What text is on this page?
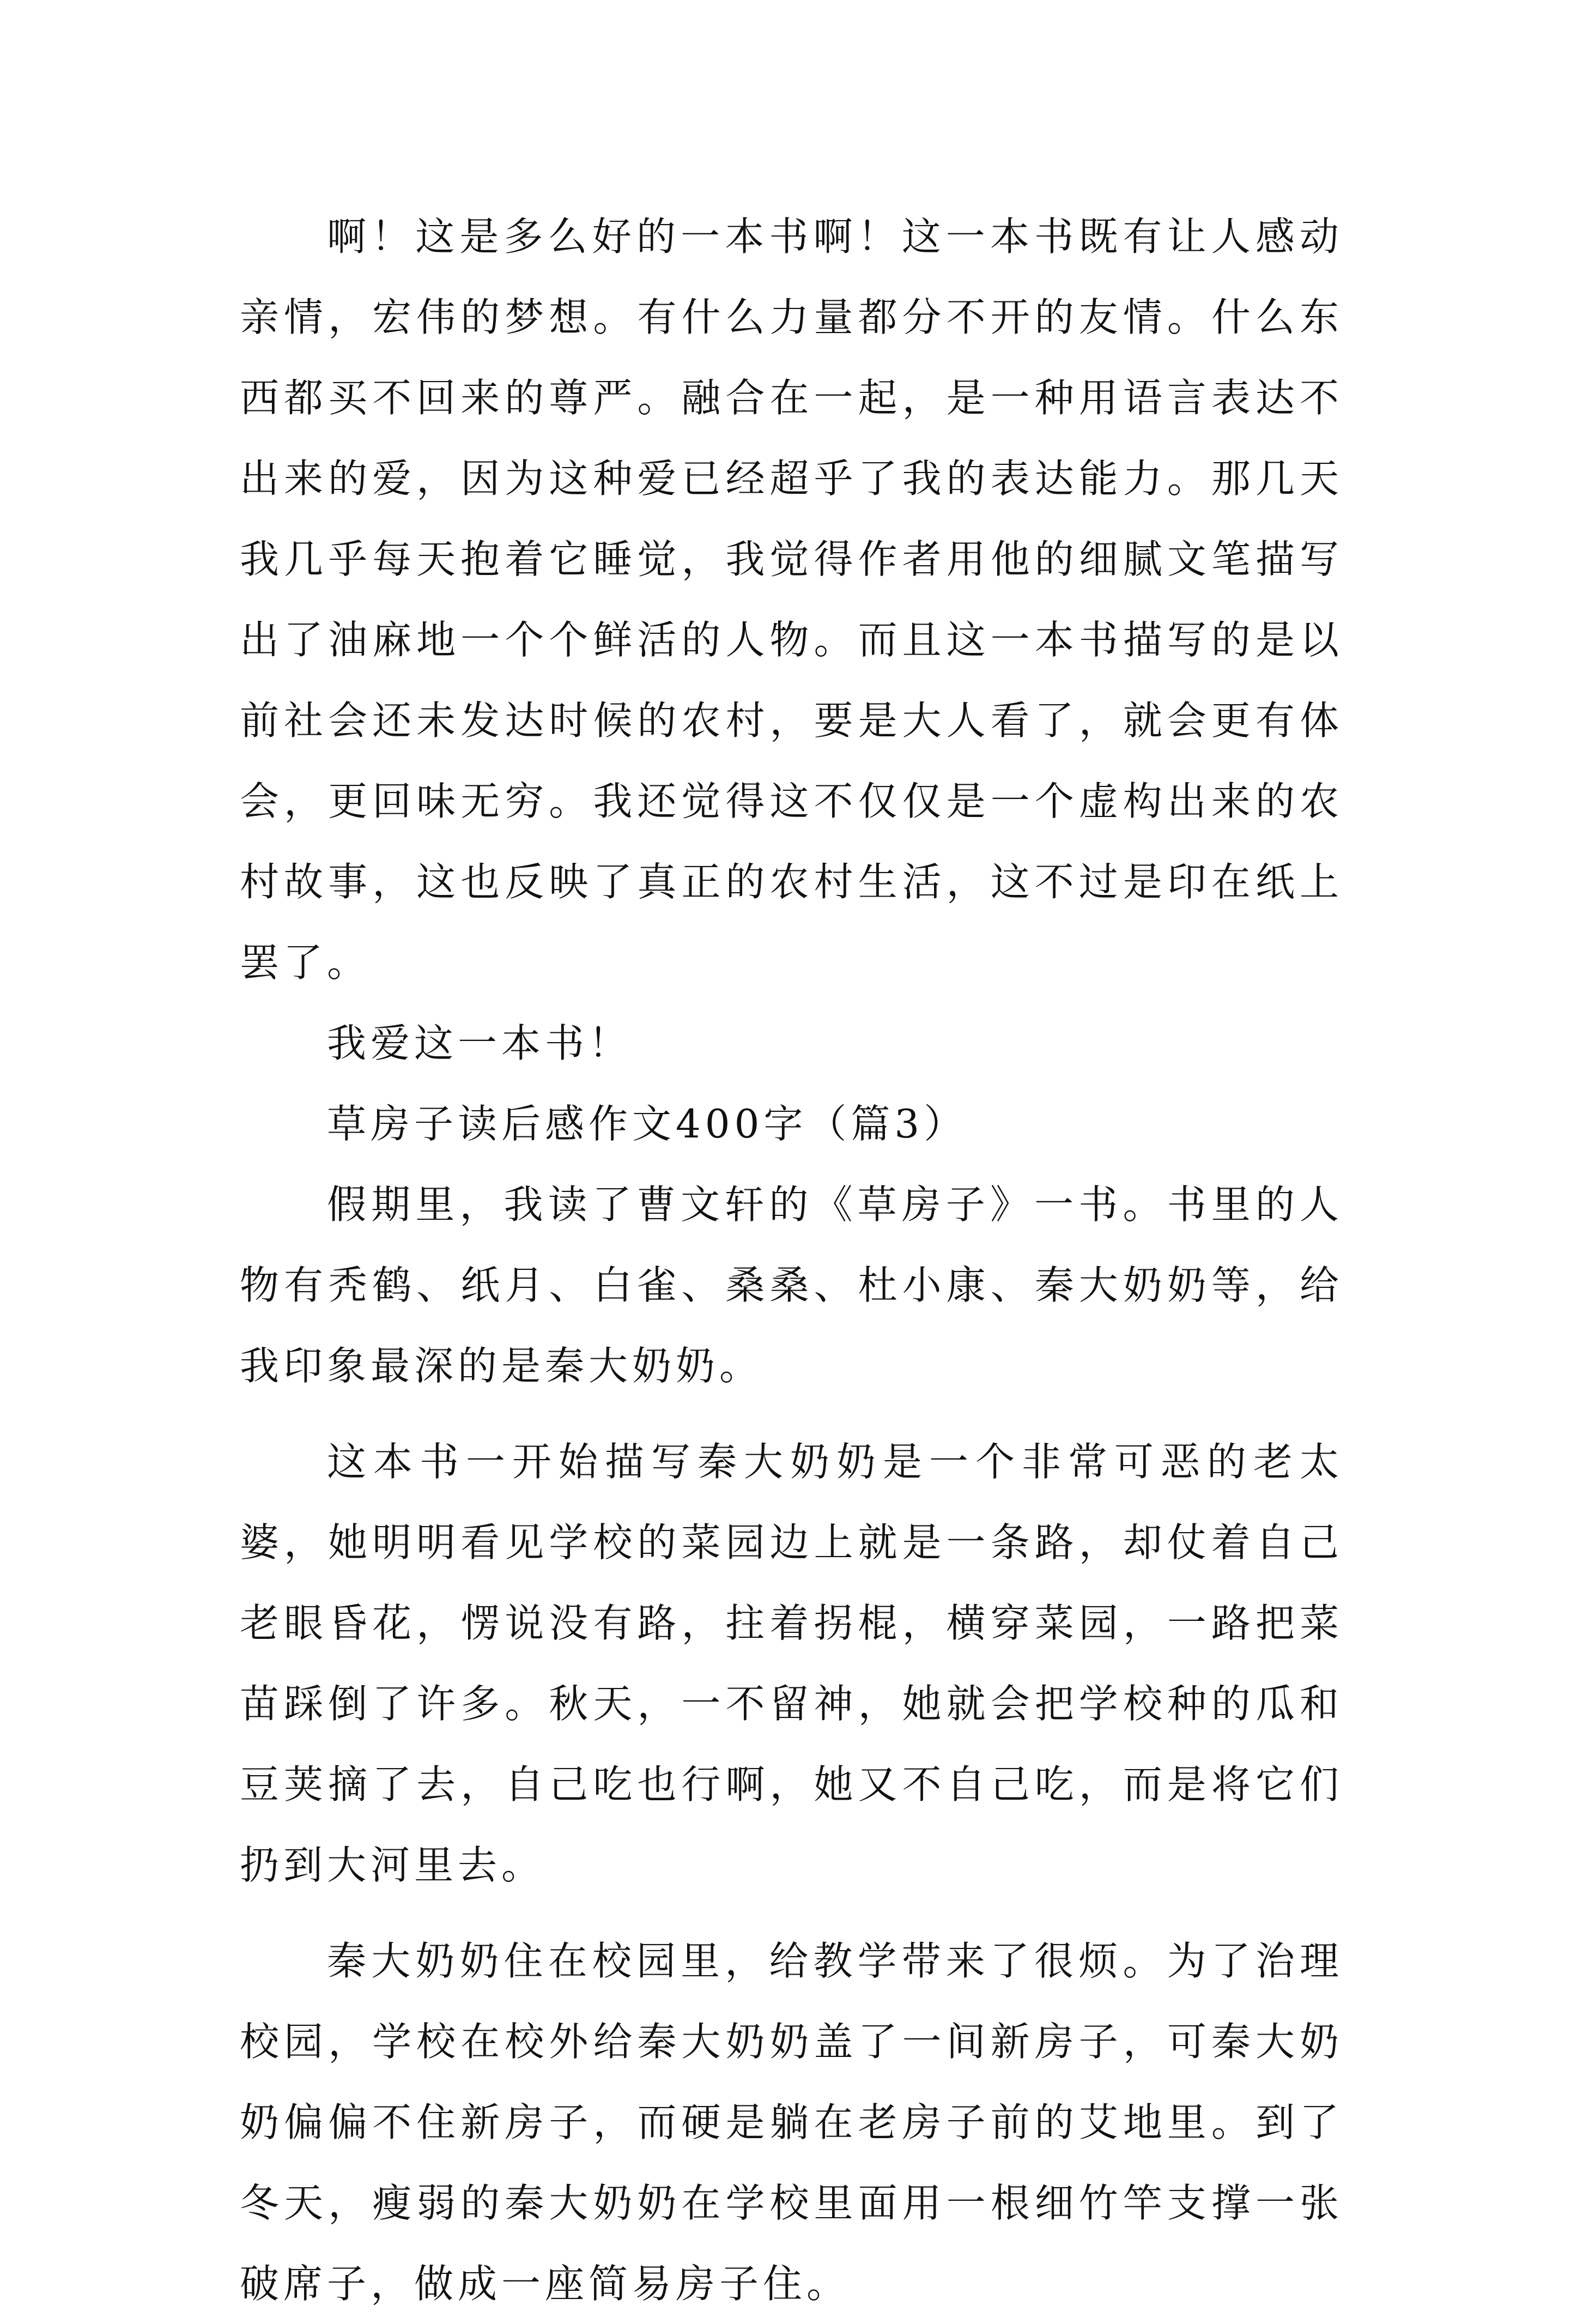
啊！这是多么好的一本书啊！这一本书既有让人感动亲情，宏伟的梦想。有什么力量都分不开的友情。什么东西都买不回来的尊严。融合在一起，是一种用语言表达不出来的爱，因为这种爱已经超乎了我的表达能力。那几天我几乎每天抱着它睡觉，我觉得作者用他的细腻文笔描写出了油麻地一个个鲜活的人物。而且这一本书描写的是以前社会还未发达时候的农村，要是大人看了，就会更有体会，更回味无穷。我还觉得这不仅仅是一个虚构出来的农村故事，这也反映了真正的农村生活，这不过是印在纸上罢了。

我爱这一本书！

草房子读后感作文400字（篇3）

假期里，我读了曹文轩的《草房子》一书。书里的人物有秃鹤、纸月、白雀、桑桑、杜小康、秦大奶奶等，给我印象最深的是秦大奶奶。

这本书一开始描写秦大奶奶是一个非常可恶的老太婆，她明明看见学校的菜园边上就是一条路，却仗着自己老眼昏花，愣说没有路，拄着拐棍，横穿菜园，一路把菜苗踩倒了许多。秋天，一不留神，她就会把学校种的瓜和豆荚摘了去，自己吃也行啊，她又不自己吃，而是将它们扔到大河里去。

秦大奶奶住在校园里，给教学带来了很烦。为了治理校园，学校在校外给秦大奶奶盖了一间新房子，可秦大奶奶偏偏不住新房子，而硬是躺在老房子前的艾地里。到了冬天，瘦弱的秦大奶奶在学校里面用一根细竹竿支撑一张破席子，做成一座简易房子住。
